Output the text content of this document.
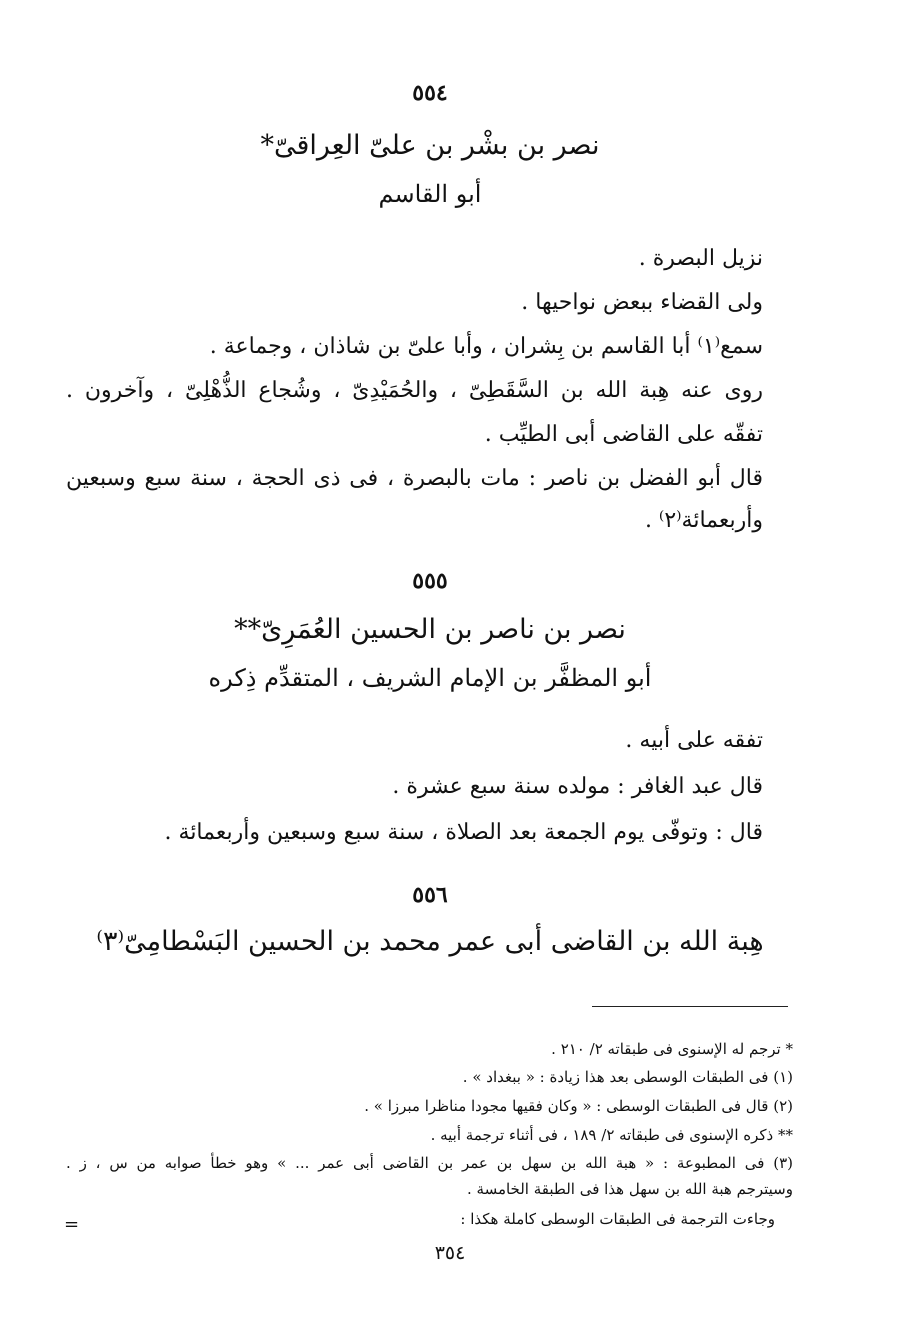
٥٥٤
نصر بن بشْر بن علىّ العِراقىّ*
أبو القاسم
نزيل البصرة .
ولى القضاء ببعض نواحيها .
سمع⁽١⁾ أبا القاسم بن بِشران ، وأبا علىّ بن شاذان ، وجماعة .
روى عنه هِبة الله بن السَّقَطِىّ ، والحُمَيْدِىّ ، وشُجاع الذُّهْلِىّ ، وآخرون .
تفقّه على القاضى أبى الطيِّب .
قال أبو الفضل بن ناصر : مات بالبصرة ، فى ذى الحجة ، سنة سبع وسبعين
وأربعمائة⁽٢⁾ .
٥٥٥
نصر بن ناصر بن الحسين العُمَرِىّ**
أبو المظفَّر بن الإمام الشريف ، المتقدِّم ذِكره
تفقه على أبيه .
قال عبد الغافر : مولده سنة سبع عشرة .
قال : وتوفّى يوم الجمعة بعد الصلاة ، سنة سبع وسبعين وأربعمائة .
٥٥٦
هِبة الله بن القاضى أبى عمر محمد بن الحسين البَسْطامِىّ⁽٣⁾
* ترجم له الإسنوى فى طبقاته ٢/ ٢١٠ .
(١) فى الطبقات الوسطى بعد هذا زيادة : « ببغداد » .
(٢) قال فى الطبقات الوسطى : « وكان فقيها مجودا مناظرا مبرزا » .
** ذكره الإسنوى فى طبقاته ٢/ ١٨٩ ، فى أثناء ترجمة أبيه .
(٣) فى المطبوعة : « هبة الله بن سهل بن عمر بن القاضى أبى عمر ... » وهو خطأ صوابه من س ، ز .
وسيترجم هبة الله بن سهل هذا فى الطبقة الخامسة .
وجاءت الترجمة فى الطبقات الوسطى كاملة هكذا :
=
٣٥٤
